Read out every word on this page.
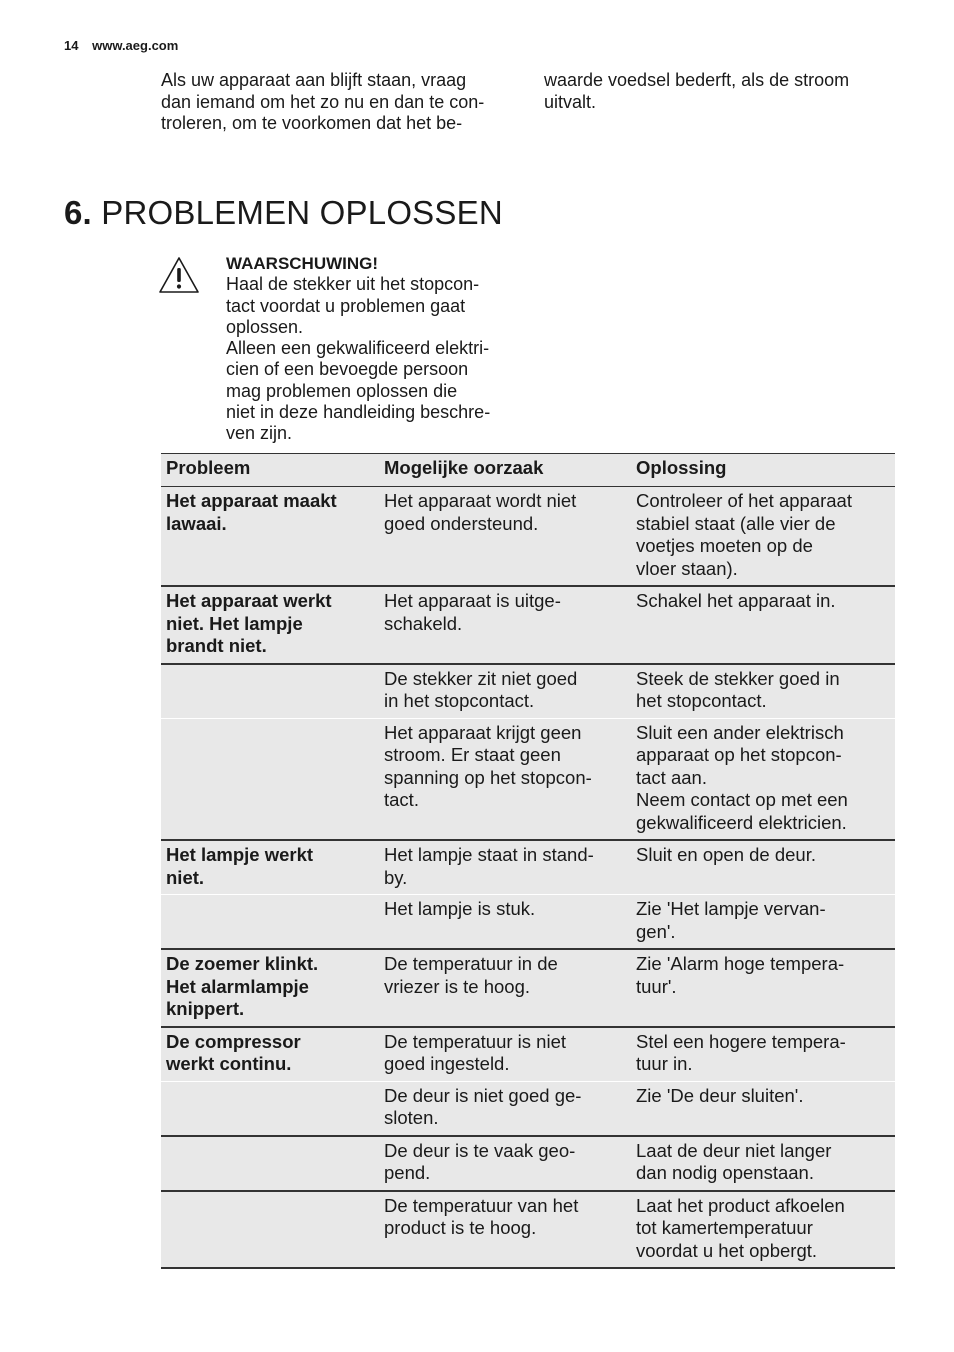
14 www.aeg.com
Als uw apparaat aan blijft staan, vraag
dan iemand om het zo nu en dan te con-
troleren, om te voorkomen dat het be-
waarde voedsel bederft, als de stroom
uitvalt.
6. PROBLEMEN OPLOSSEN
WAARSCHUWING!
Haal de stekker uit het stopcon-
tact voordat u problemen gaat
oplossen.
Alleen een gekwalificeerd elektri-
cien of een bevoegde persoon
mag problemen oplossen die
niet in deze handleiding beschre-
ven zijn.
Probleem	Mogelijke oorzaak	Oplossing

Het apparaat maakt
lawaai.	Het apparaat wordt niet
goed ondersteund.	Controleer of het apparaat
stabiel staat (alle vier de
voetjes moeten op de
vloer staan).

Het apparaat werkt
niet. Het lampje
brandt niet.	Het apparaat is uitge-
schakeld.	Schakel het apparaat in.

	De stekker zit niet goed
in het stopcontact.	Steek de stekker goed in
het stopcontact.

	Het apparaat krijgt geen
stroom. Er staat geen
spanning op het stopcon-
tact.	Sluit een ander elektrisch
apparaat op het stopcon-
tact aan.
Neem contact op met een
gekwalificeerd elektricien.

Het lampje werkt
niet.	Het lampje staat in stand-
by.	Sluit en open de deur.

	Het lampje is stuk.	Zie 'Het lampje vervan-
gen'.

De zoemer klinkt.
Het alarmlampje
knippert.	De temperatuur in de
vriezer is te hoog.	Zie 'Alarm hoge tempera-
tuur'.

De compressor
werkt continu.	De temperatuur is niet
goed ingesteld.	Stel een hogere tempera-
tuur in.

	De deur is niet goed ge-
sloten.	Zie 'De deur sluiten'.

	De deur is te vaak geo-
pend.	Laat de deur niet langer
dan nodig openstaan.

	De temperatuur van het
product is te hoog.	Laat het product afkoelen
tot kamertemperatuur
voordat u het opbergt.
